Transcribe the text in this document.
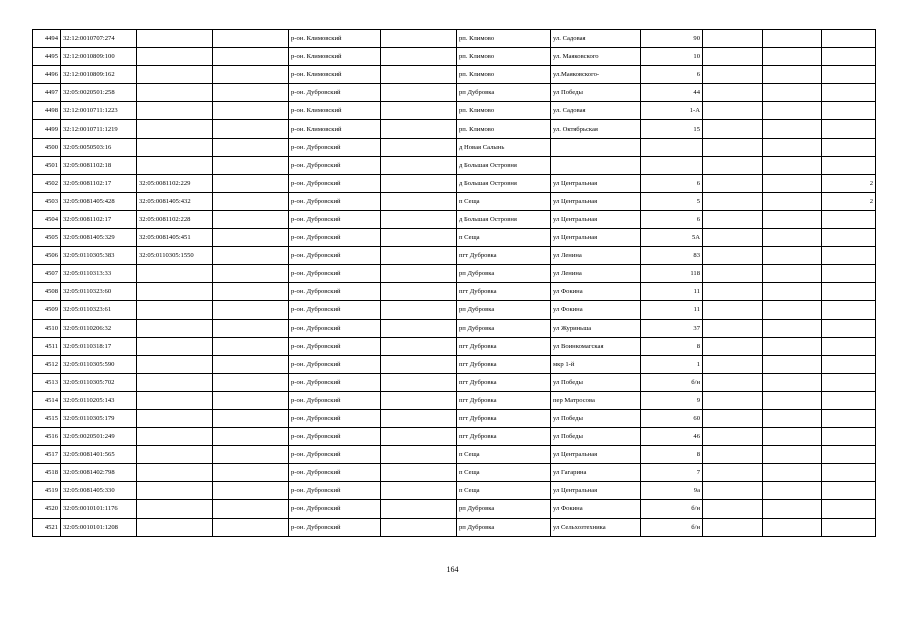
4494	32:12:0010707:274			р-он. Климовский		рп. Климово	ул. Садовая	90			
4495	32:12:0010809:100			р-он. Климовский		рп. Климово	ул. Маяковского	10			
4496	32:12:0010809:162			р-он. Климовский		рп. Климово	ул.Маяковского-	6			
4497	32:05:0020501:258			р-он. Дубровский		рп Дубровка	ул Победы	44			
4498	32:12:0010711:1223			р-он. Климовский		рп. Климово	ул. Садовая	1-А			
4499	32:12:0010711:1219			р-он. Климовский		рп. Климово	ул. Октябрьская	15			
4500	32:05:0050503:16			р-он. Дубровский		д Новая Салынь					
4501	32:05:0081102:18			р-он. Дубровский		д Большая Островня					
4502	32:05:0081102:17	32:05:0081102:229		р-он. Дубровский		д Большая Островня	ул Центральная	6			2
4503	32:05:0081405:428	32:05:0081405:432		р-он. Дубровский		п Сеща	ул Центральная	5			2
4504	32:05:0081102:17	32:05:0081102:228		р-он. Дубровский		д Большая Островня	ул Центральная	6			
4505	32:05:0081405:329	32:05:0081405:451		р-он. Дубровский		п Сеща	ул Центральная	5А			
4506	32:05:0110305:383	32:05:0110305:1550		р-он. Дубровский		пгт Дубровка	ул Ленина	83			
4507	32:05:0110313:33			р-он. Дубровский		рп Дубровка	ул Ленина	118			
4508	32:05:0110323:60			р-он. Дубровский		пгт Дубровка	ул Фокина	11			
4509	32:05:0110323:61			р-он. Дубровский		рп Дубровка	ул Фокина	11			
4510	32:05:0110206:32			р-он. Дубровский		рп Дубровка	ул Журиньша	37			
4511	32:05:0110318:17			р-он. Дубровский		пгт Дубровка	ул Воинкомагская	8			
4512	32:05:0110305:590			р-он. Дубровский		пгт Дубровка	мкр 1-й	1			
4513	32:05:0110305:702			р-он. Дубровский		пгт Дубровка	ул Победы	б/н			
4514	32:05:0110205:143			р-он. Дубровский		пгт Дубровка	пер Матросова	9			
4515	32:05:0110305:179			р-он. Дубровский		пгт Дубровка	ул Победы	60			
4516	32:05:0020501:249			р-он. Дубровский		пгт Дубровка	ул Победы	46			
4517	32:05:0081401:565			р-он. Дубровский		п Сеща	ул Центральная	8			
4518	32:05:0081402:798			р-он. Дубровский		п Сеща	ул Гагарина	7			
4519	32:05:0081405:330			р-он. Дубровский		п Сеща	ул Центральная	9а			
4520	32:05:0010101:1176			р-он. Дубровский		рп Дубровка	ул Фокина	б/н			
4521	32:05:0010101:1208			р-он. Дубровский		рп Дубровка	ул Сельхозтехника	б/н			
164
